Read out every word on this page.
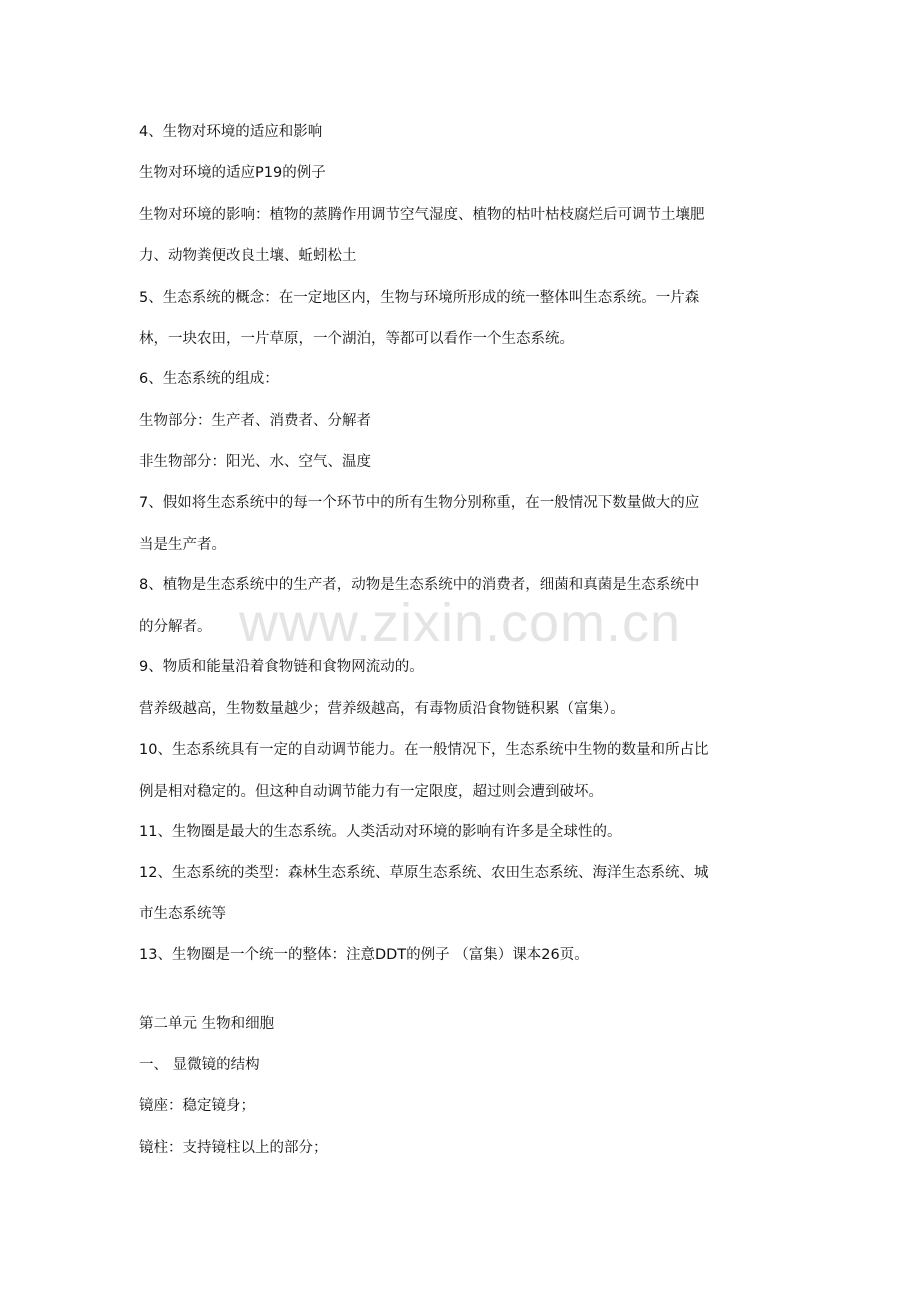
www.zixin.com.cn
4、生物对环境的适应和影响
生物对环境的适应P19的例子
生物对环境的影响：植物的蒸腾作用调节空气湿度、植物的枯叶枯枝腐烂后可调节土壤肥
力、动物粪便改良土壤、蚯蚓松土
5、生态系统的概念：在一定地区内，生物与环境所形成的统一整体叫生态系统。一片森
林，一块农田，一片草原，一个湖泊，等都可以看作一个生态系统。
6、生态系统的组成：
生物部分：生产者、消费者、分解者
非生物部分：阳光、水、空气、温度
7、假如将生态系统中的每一个环节中的所有生物分别称重，在一般情况下数量做大的应
当是生产者。
8、植物是生态系统中的生产者，动物是生态系统中的消费者，细菌和真菌是生态系统中
的分解者。
9、物质和能量沿着食物链和食物网流动的。
营养级越高，生物数量越少；营养级越高，有毒物质沿食物链积累（富集）。
10、生态系统具有一定的自动调节能力。在一般情况下，生态系统中生物的数量和所占比
例是相对稳定的。但这种自动调节能力有一定限度，超过则会遭到破坏。
11、生物圈是最大的生态系统。人类活动对环境的影响有许多是全球性的。
12、生态系统的类型：森林生态系统、草原生态系统、农田生态系统、海洋生态系统、城
市生态系统等
13、生物圈是一个统一的整体：注意DDT的例子 （富集）课本26页。
第二单元 生物和细胞
一、 显微镜的结构
镜座：稳定镜身；
镜柱：支持镜柱以上的部分；
